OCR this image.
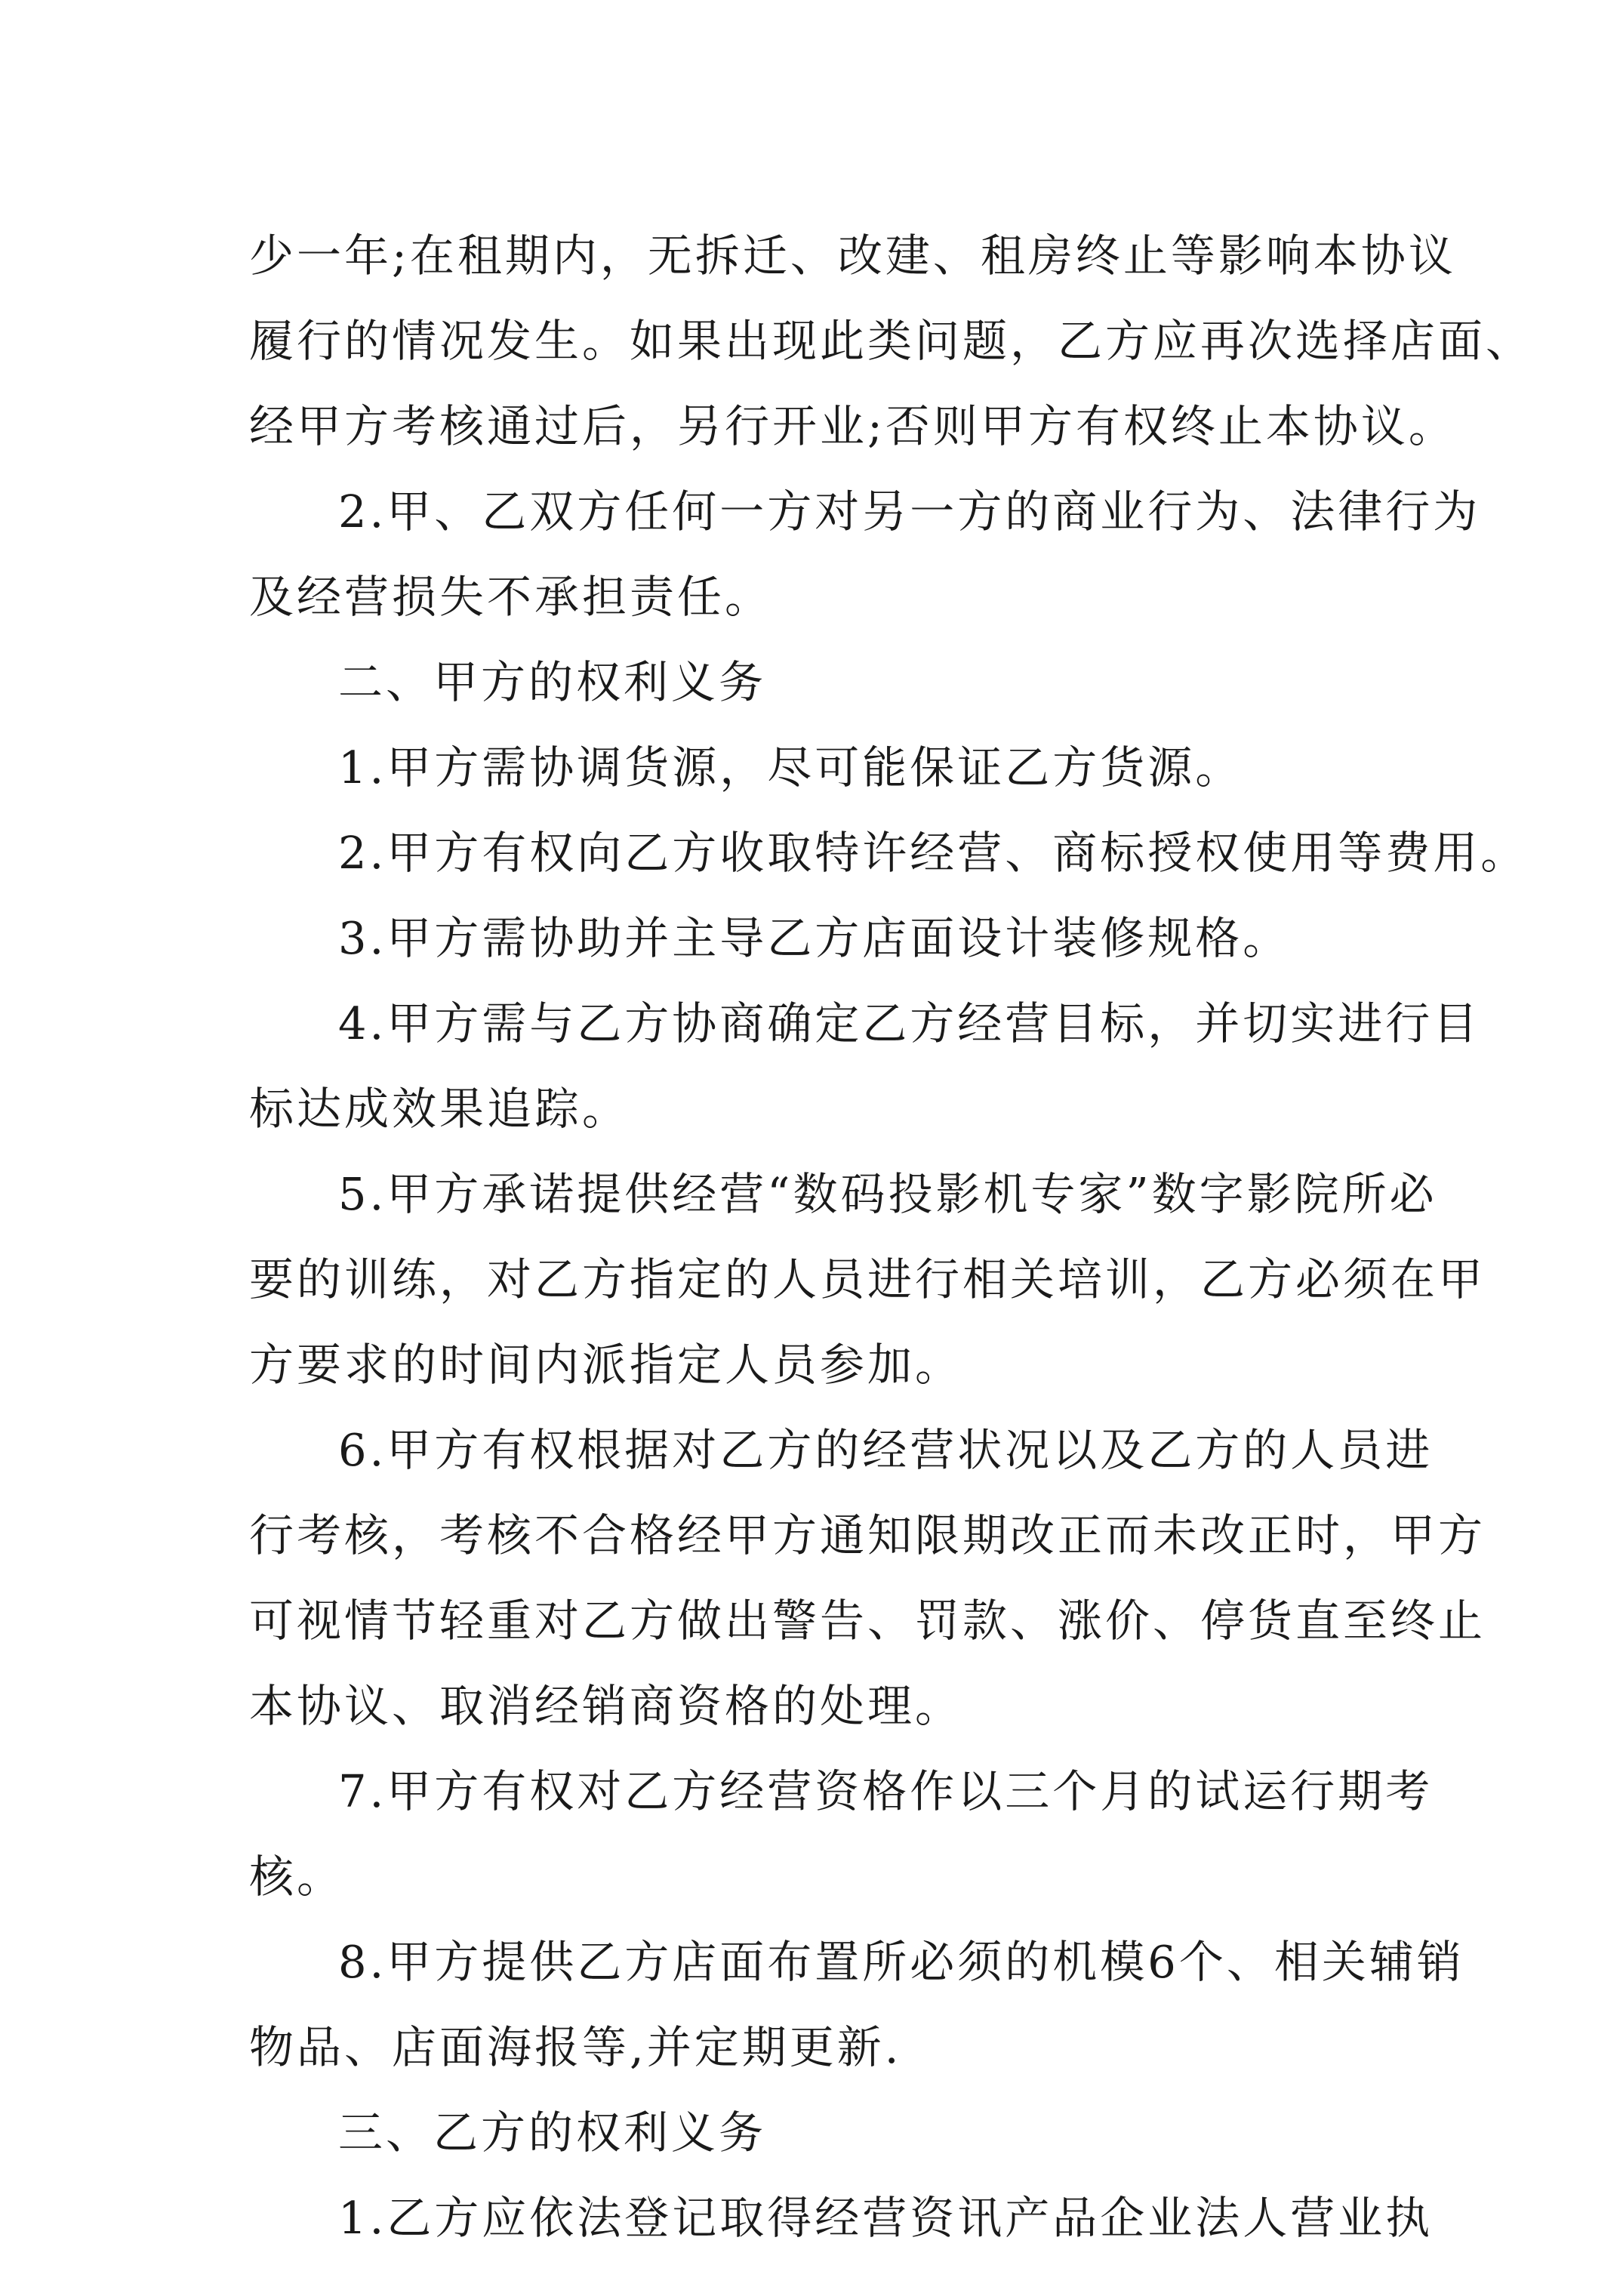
少一年;在租期内，无拆迁、改建、租房终止等影响本协议
履行的情况发生。如果出现此类问题，乙方应再次选择店面、
经甲方考核通过后，另行开业;否则甲方有权终止本协议。
2.甲、乙双方任何一方对另一方的商业行为、法律行为
及经营损失不承担责任。
二、甲方的权利义务
1.甲方需协调货源，尽可能保证乙方货源。
2.甲方有权向乙方收取特许经营、商标授权使用等费用。
3.甲方需协助并主导乙方店面设计装修规格。
4.甲方需与乙方协商确定乙方经营目标，并切实进行目
标达成效果追踪。
5.甲方承诺提供经营“数码投影机专家”数字影院所必
要的训练，对乙方指定的人员进行相关培训，乙方必须在甲
方要求的时间内派指定人员参加。
6.甲方有权根据对乙方的经营状况以及乙方的人员进
行考核，考核不合格经甲方通知限期改正而未改正时，甲方
可视情节轻重对乙方做出警告、罚款、涨价、停货直至终止
本协议、取消经销商资格的处理。
7.甲方有权对乙方经营资格作以三个月的试运行期考
核。
8.甲方提供乙方店面布置所必须的机模6个、相关辅销
物品、店面海报等,并定期更新.
三、乙方的权利义务
1.乙方应依法登记取得经营资讯产品企业法人营业执
